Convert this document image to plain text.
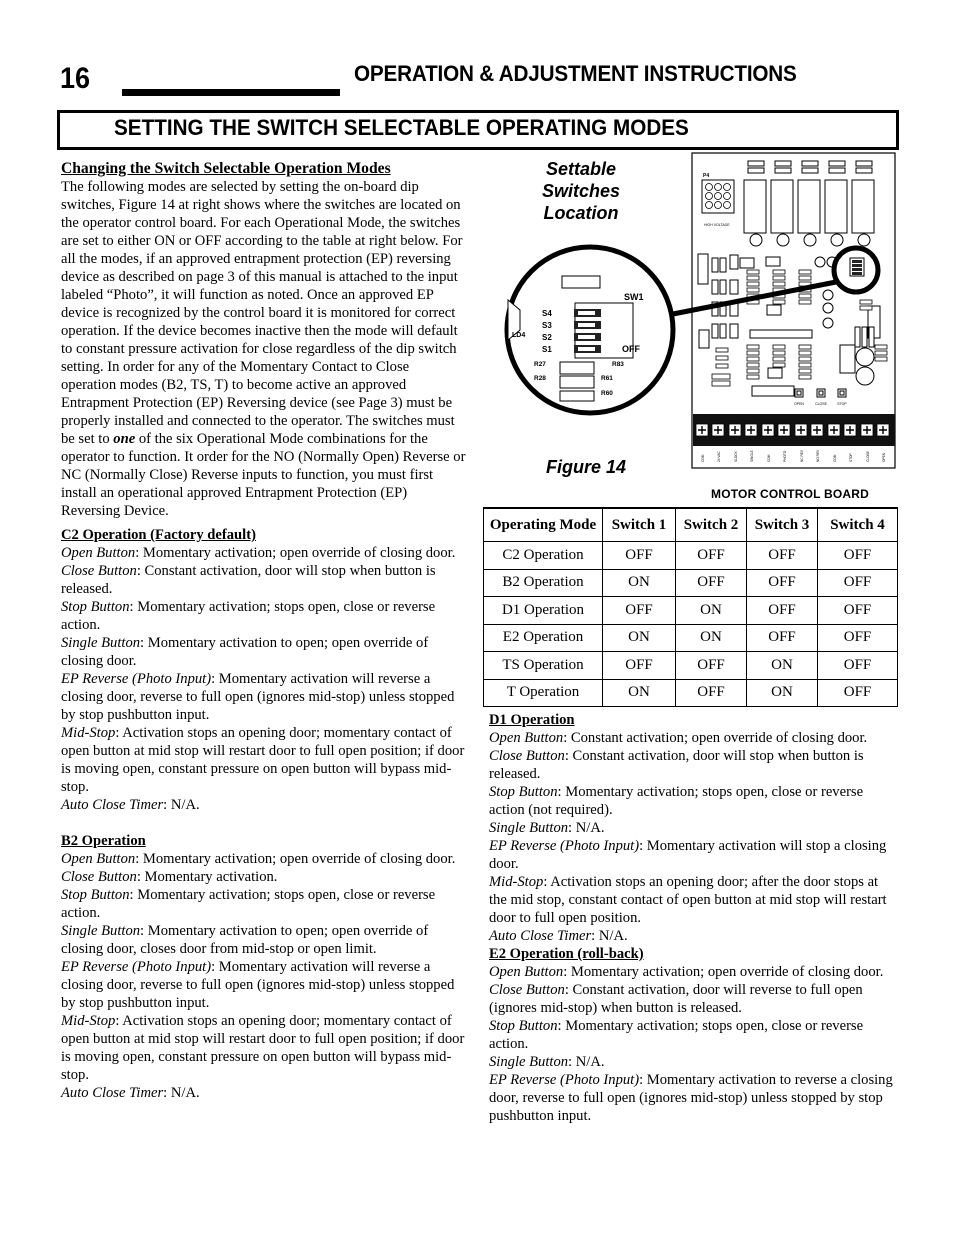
16	OPERATION & ADJUSTMENT INSTRUCTIONS
SETTING THE SWITCH SELECTABLE OPERATING MODES
Changing the Switch Selectable Operation Modes

The following modes are selected by setting the on-board dip switches, Figure 14 at right shows where the switches are located on the operator control board. For each Operational Mode, the switches are set to either ON or OFF according to the table at right below. For all the modes, if an approved entrapment protection (EP) reversing device as described on page 3 of this manual is attached to the input labeled “Photo”, it will function as noted. Once an approved EP device is recognized by the control board it is monitored for correct operation. If the device becomes inactive then the mode will default to constant pressure activation for close regardless of the dip switch setting. In order for any of the Momentary Contact to Close operation modes (B2, TS, T) to become active an approved Entrapment Protection (EP) Reversing device (see Page 3) must be properly installed and connected to the operator. The switches must be set to one of the six Operational Mode combinations for the operator to function. It order for the NO (Normally Open) Reverse or NC (Normally Close) Reverse inputs to function, you must first install an operational approved Entrapment Protection (EP) Reversing Device.

C2 Operation (Factory default)
Open Button: Momentary activation; open override of closing door.
Close Button: Constant activation, door will stop when button is released.
Stop Button: Momentary activation; stops open, close or reverse action.
Single Button: Momentary activation to open; open override of closing door.
EP Reverse (Photo Input): Momentary activation will reverse a closing door, reverse to full open (ignores mid-stop) unless stopped by stop pushbutton input.
Mid-Stop: Activation stops an opening door; momentary contact of open button at mid stop will restart door to full open position; if door is moving open, constant pressure on open button will bypass mid-stop.
Auto Close Timer: N/A.
B2 Operation
Open Button: Momentary activation; open override of closing door.
Close Button: Momentary activation.
Stop Button: Momentary activation; stops open, close or reverse action.
Single Button: Momentary activation to open; open override of closing door, closes door from mid-stop or open limit.
EP Reverse (Photo Input): Momentary activation will reverse a closing door, reverse to full open (ignores mid-stop) unless stopped by stop pushbutton input.
Mid-Stop: Activation stops an opening door; momentary contact of open button at mid stop will restart door to full open position; if door is moving open, constant pressure on open button will bypass mid-stop.
Auto Close Timer: N/A.
Settable
Switches
Location
Figure 14
MOTOR CONTROL BOARD
P4
HIGH VOLTAGE
OPEN	CLOSE	STOP
COM	24 VAC	SLOCK	SINGLE	COM	PHOTO	NC REV	NO REV	COM	STOP	CLOSE	OPEN
SW1
OFF
S4
S3
S2
S1
LD4
R27
R28
R83
R61
R60
Operating Mode	Switch 1	Switch 2	Switch 3	Switch 4
C2 Operation	OFF	OFF	OFF	OFF
B2 Operation	ON	OFF	OFF	OFF
D1 Operation	OFF	ON	OFF	OFF
E2 Operation	ON	ON	OFF	OFF
TS Operation	OFF	OFF	ON	OFF
T Operation	ON	OFF	ON	OFF
D1 Operation
Open Button: Constant activation; open override of closing door.
Close Button: Constant activation, door will stop when button is released.
Stop Button: Momentary activation; stops open, close or reverse action (not required).
Single Button: N/A.
EP Reverse (Photo Input): Momentary activation will stop a closing door.
Mid-Stop: Activation stops an opening door; after the door stops at the mid stop, constant contact of open button at mid stop will restart door to full open position.
Auto Close Timer: N/A.
E2 Operation (roll-back)
Open Button: Momentary activation; open override of closing door.
Close Button: Constant activation, door will reverse to full open (ignores mid-stop) when button is released.
Stop Button: Momentary activation; stops open, close or reverse action.
Single Button: N/A.
EP Reverse (Photo Input): Momentary activation to reverse a closing door, reverse to full open (ignores mid-stop) unless stopped by stop pushbutton input.
